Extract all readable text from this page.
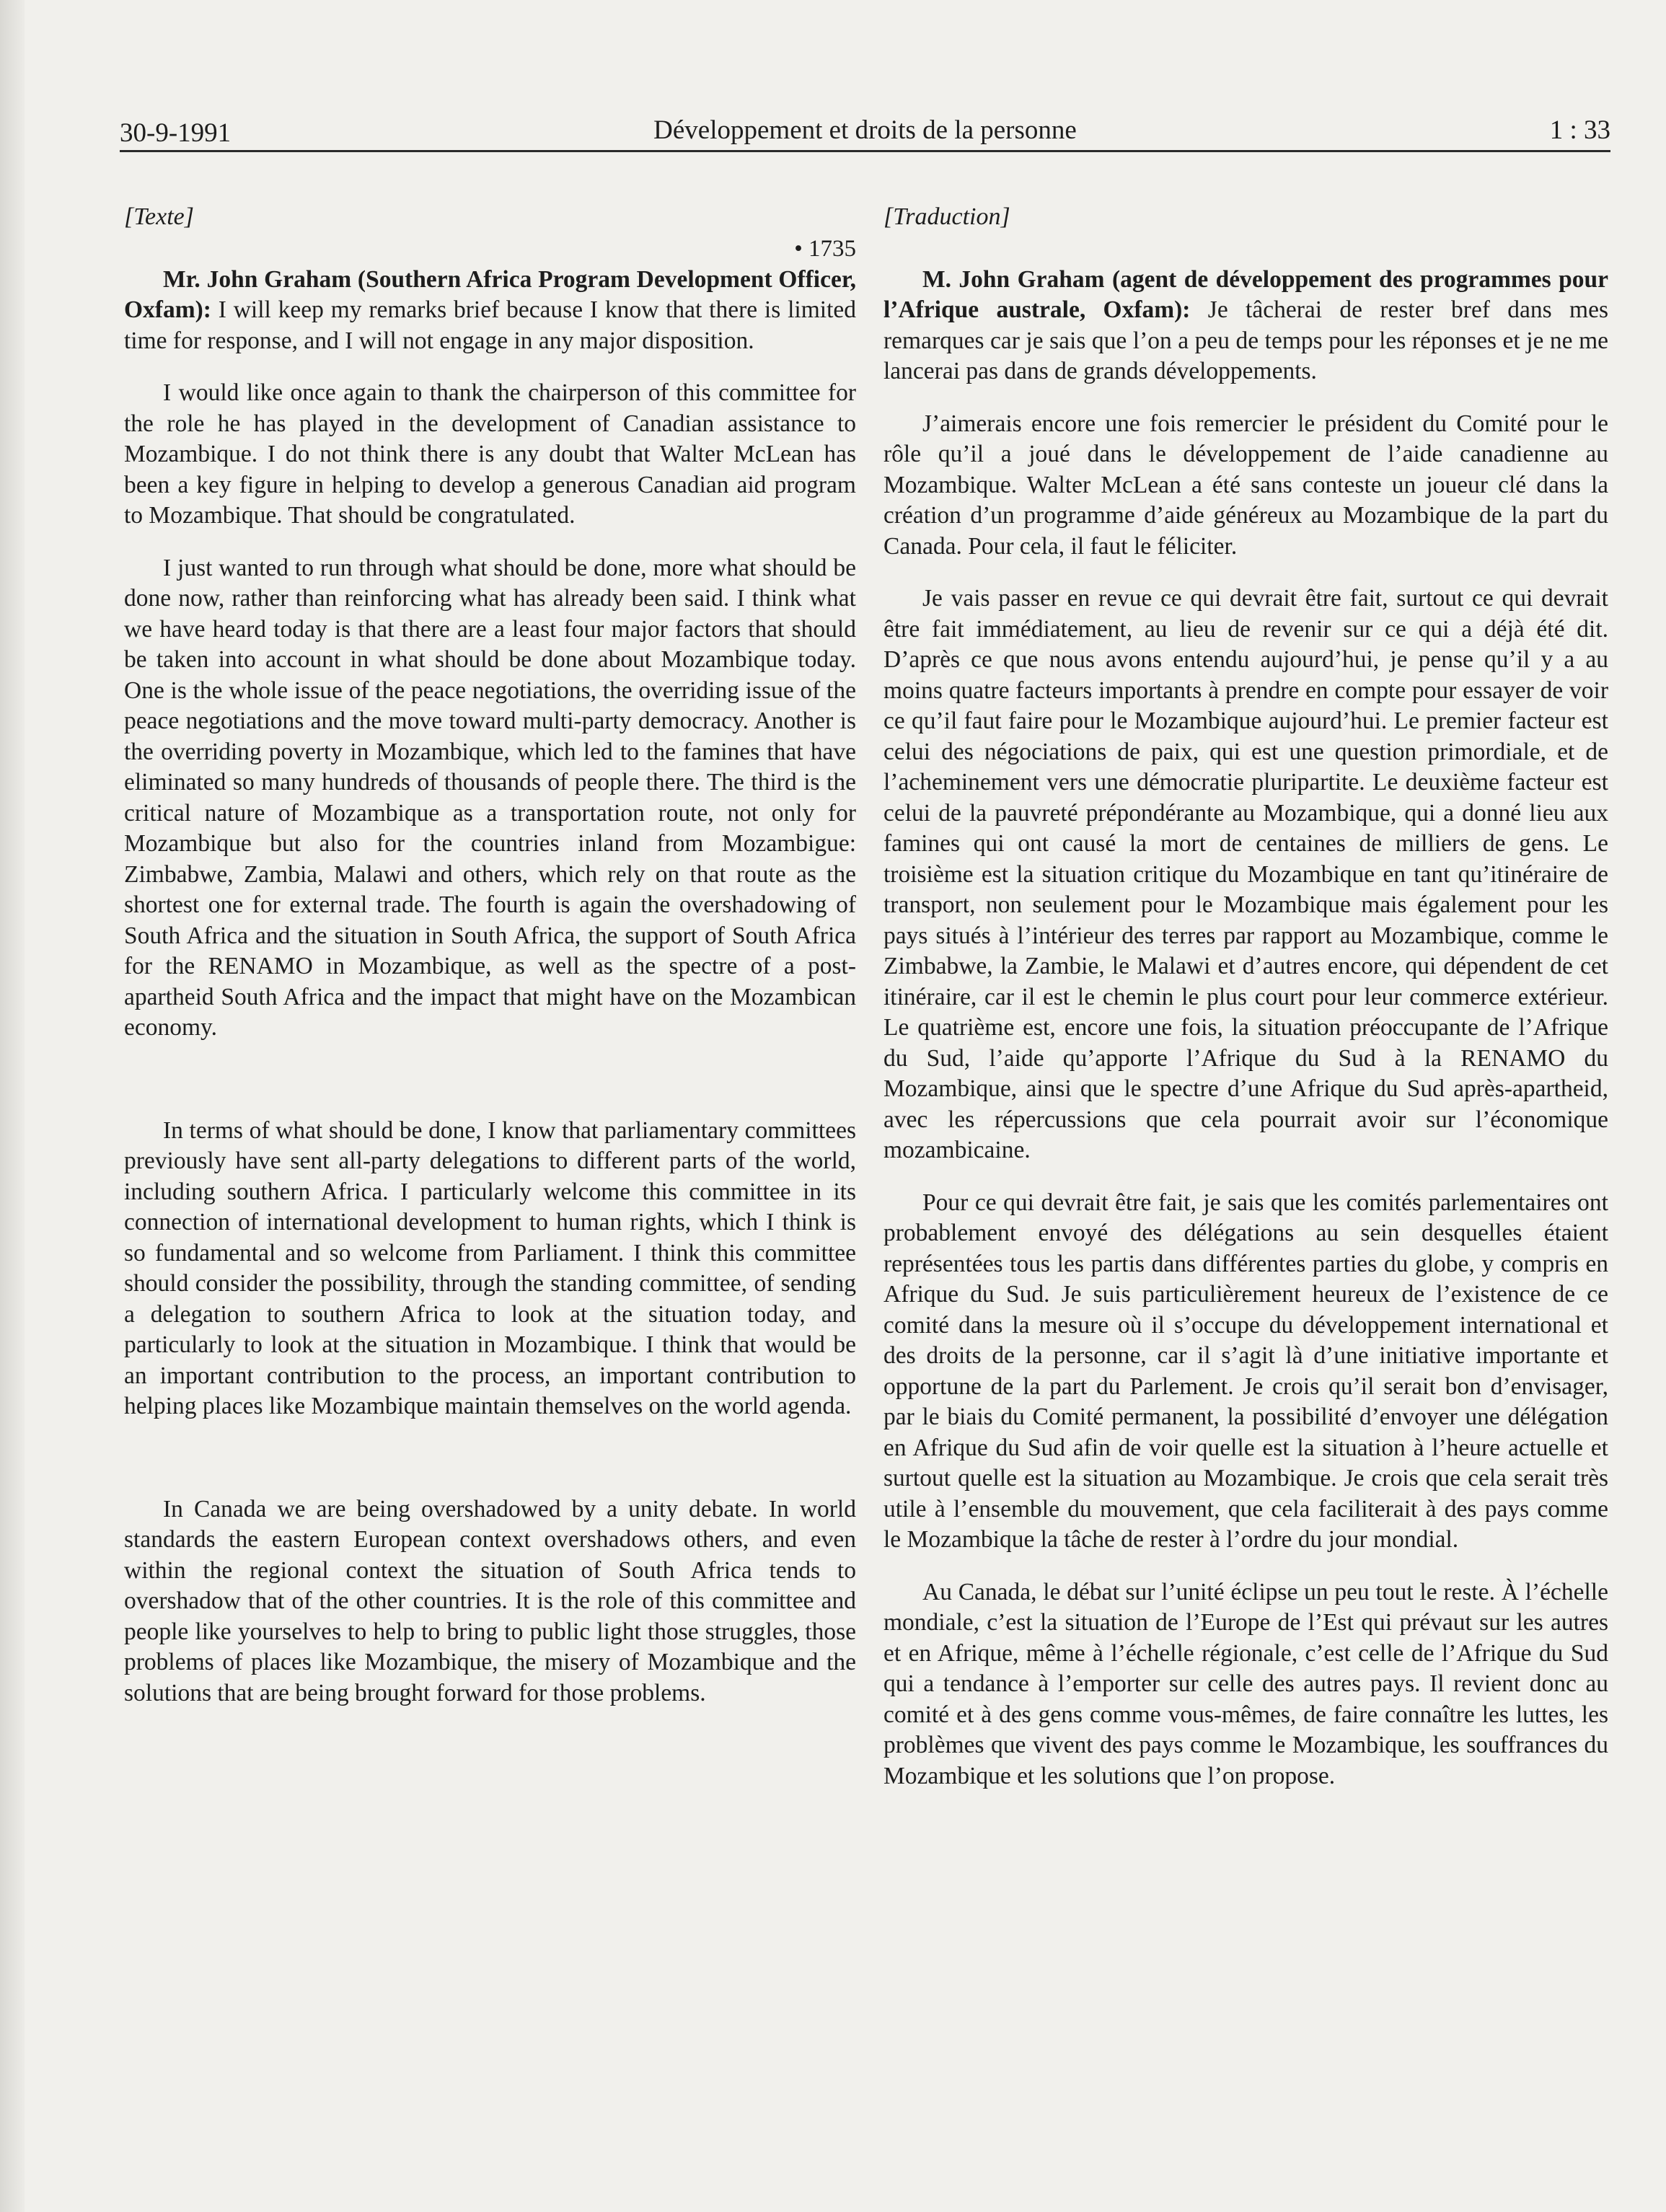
30-9-1991	Développement et droits de la personne	1 : 33

[Texte]

• 1735

Mr. John Graham (Southern Africa Program Development Officer, Oxfam): I will keep my remarks brief because I know that there is limited time for response, and I will not engage in any major disposition.

I would like once again to thank the chairperson of this committee for the role he has played in the development of Canadian assistance to Mozambique. I do not think there is any doubt that Walter McLean has been a key figure in helping to develop a generous Canadian aid program to Mozambique. That should be congratulated.

I just wanted to run through what should be done, more what should be done now, rather than reinforcing what has already been said. I think what we have heard today is that there are a least four major factors that should be taken into account in what should be done about Mozambique today. One is the whole issue of the peace negotiations, the overriding issue of the peace negotiations and the move toward multi-party democracy. Another is the overriding poverty in Mozambique, which led to the famines that have eliminated so many hundreds of thousands of people there. The third is the critical nature of Mozambique as a transportation route, not only for Mozambique but also for the countries inland from Mozambigue: Zimbabwe, Zambia, Malawi and others, which rely on that route as the shortest one for external trade. The fourth is again the overshadowing of South Africa and the situation in South Africa, the support of South Africa for the RENAMO in Mozambique, as well as the spectre of a post-apartheid South Africa and the impact that might have on the Mozambican economy.

In terms of what should be done, I know that parliamentary committees previously have sent all-party delegations to different parts of the world, including southern Africa. I particularly welcome this committee in its connection of international development to human rights, which I think is so fundamental and so welcome from Parliament. I think this committee should consider the possibility, through the standing committee, of sending a delegation to southern Africa to look at the situation today, and particularly to look at the situation in Mozambique. I think that would be an important contribution to the process, an important contribution to helping places like Mozambique maintain themselves on the world agenda.

In Canada we are being overshadowed by a unity debate. In world standards the eastern European context overshadows others, and even within the regional context the situation of South Africa tends to overshadow that of the other countries. It is the role of this committee and people like yourselves to help to bring to public light those struggles, those problems of places like Mozambique, the misery of Mozambique and the solutions that are being brought forward for those problems.

[Traduction]

M. John Graham (agent de développement des programmes pour l’Afrique australe, Oxfam): Je tâcherai de rester bref dans mes remarques car je sais que l’on a peu de temps pour les réponses et je ne me lancerai pas dans de grands développements.

J’aimerais encore une fois remercier le président du Comité pour le rôle qu’il a joué dans le développement de l’aide canadienne au Mozambique. Walter McLean a été sans conteste un joueur clé dans la création d’un programme d’aide généreux au Mozambique de la part du Canada. Pour cela, il faut le féliciter.

Je vais passer en revue ce qui devrait être fait, surtout ce qui devrait être fait immédiatement, au lieu de revenir sur ce qui a déjà été dit. D’après ce que nous avons entendu aujourd’hui, je pense qu’il y a au moins quatre facteurs importants à prendre en compte pour essayer de voir ce qu’il faut faire pour le Mozambique aujourd’hui. Le premier facteur est celui des négociations de paix, qui est une question primordiale, et de l’acheminement vers une démocratie pluripartite. Le deuxième facteur est celui de la pauvreté prépondérante au Mozambique, qui a donné lieu aux famines qui ont causé la mort de centaines de milliers de gens. Le troisième est la situation critique du Mozambique en tant qu’itinéraire de transport, non seulement pour le Mozambique mais également pour les pays situés à l’intérieur des terres par rapport au Mozambique, comme le Zimbabwe, la Zambie, le Malawi et d’autres encore, qui dépendent de cet itinéraire, car il est le chemin le plus court pour leur commerce extérieur. Le quatrième est, encore une fois, la situation préoccupante de l’Afrique du Sud, l’aide qu’apporte l’Afrique du Sud à la RENAMO du Mozambique, ainsi que le spectre d’une Afrique du Sud après-apartheid, avec les répercussions que cela pourrait avoir sur l’économique mozambicaine.

Pour ce qui devrait être fait, je sais que les comités parlementaires ont probablement envoyé des délégations au sein desquelles étaient représentées tous les partis dans différentes parties du globe, y compris en Afrique du Sud. Je suis particulièrement heureux de l’existence de ce comité dans la mesure où il s’occupe du développement international et des droits de la personne, car il s’agit là d’une initiative importante et opportune de la part du Parlement. Je crois qu’il serait bon d’envisager, par le biais du Comité permanent, la possibilité d’envoyer une délégation en Afrique du Sud afin de voir quelle est la situation à l’heure actuelle et surtout quelle est la situation au Mozambique. Je crois que cela serait très utile à l’ensemble du mouvement, que cela faciliterait à des pays comme le Mozambique la tâche de rester à l’ordre du jour mondial.

Au Canada, le débat sur l’unité éclipse un peu tout le reste. À l’échelle mondiale, c’est la situation de l’Europe de l’Est qui prévaut sur les autres et en Afrique, même à l’échelle régionale, c’est celle de l’Afrique du Sud qui a tendance à l’emporter sur celle des autres pays. Il revient donc au comité et à des gens comme vous-mêmes, de faire connaître les luttes, les problèmes que vivent des pays comme le Mozambique, les souffrances du Mozambique et les solutions que l’on propose.
